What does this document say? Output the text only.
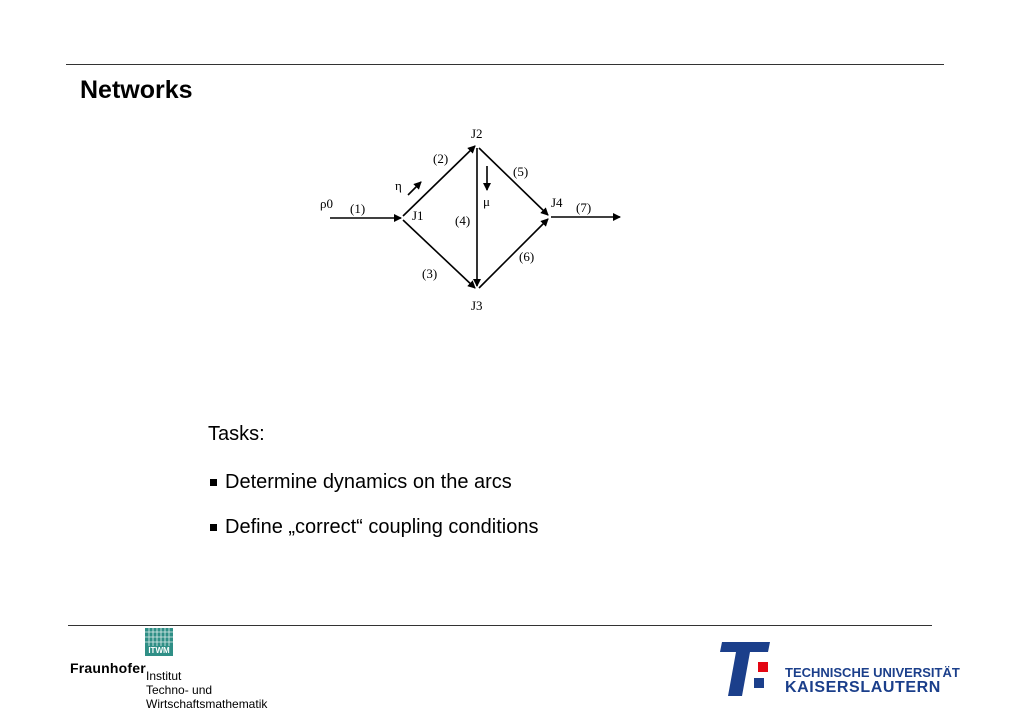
Networks
ρ0 (1)	J1
η
(2)
J2
μ
(5)
(4)
J4 (7)
(6)
(3)
J3
Tasks:
Determine dynamics on the arcs
Define „correct“ coupling conditions
ITWM
Fraunhofer Institut
Techno- und
Wirtschaftsmathematik
TECHNISCHE UNIVERSITÄT
KAISERSLAUTERN
